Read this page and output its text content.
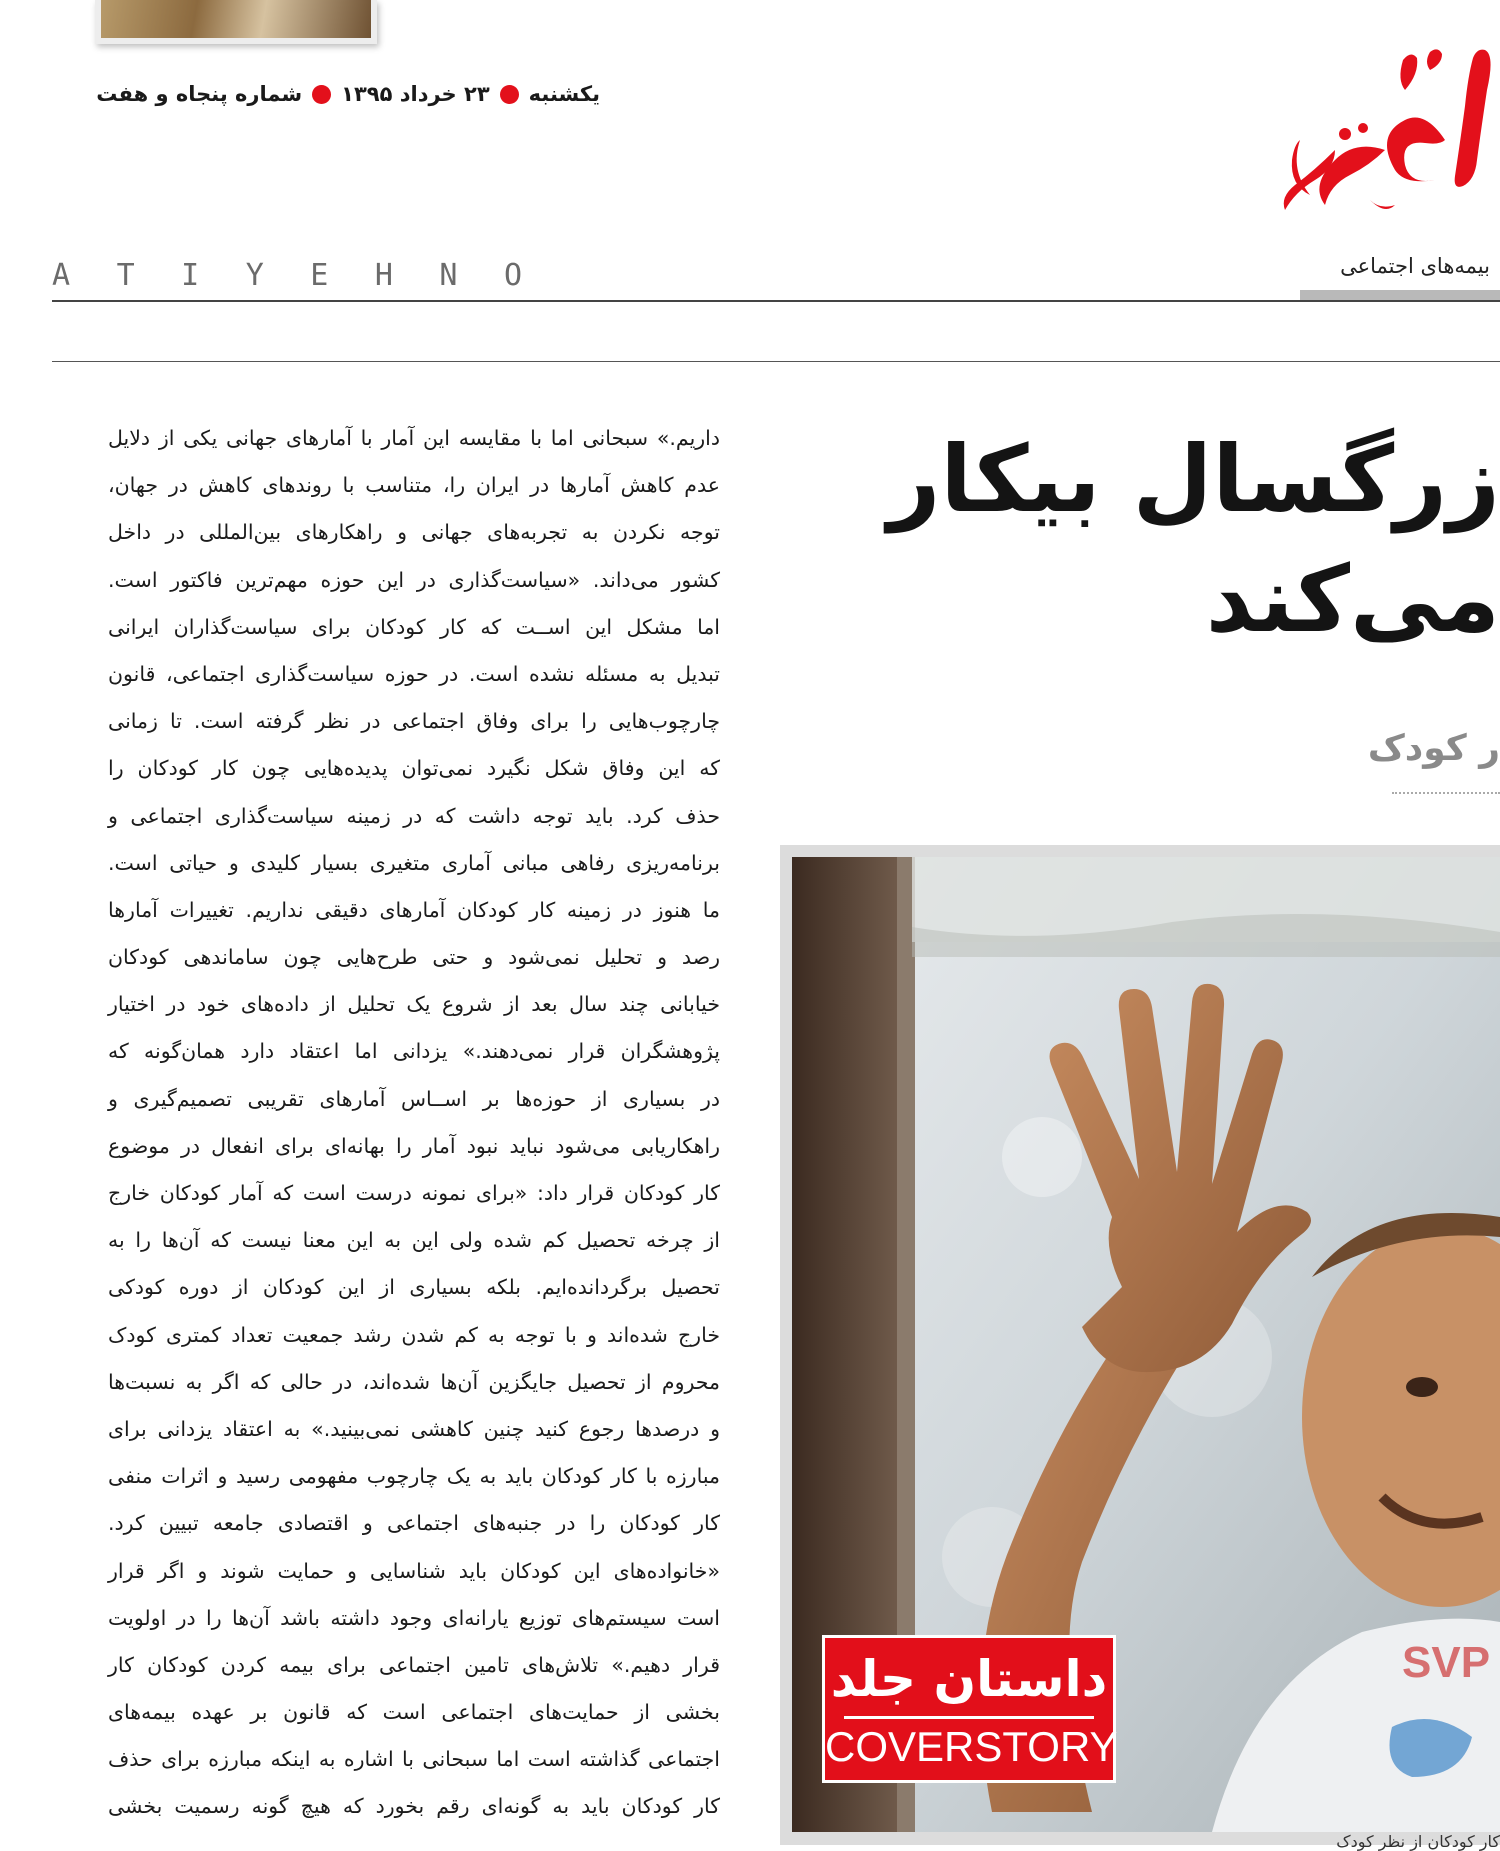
یکشنبه
۲۳ خرداد ۱۳۹۵
شماره پنجاه و هفت
A T I Y E H N O	بیمه‌های اجتماعی
داریم.» سبحانی اما با مقایسه این آمار با آمارهای جهانی یکی از دلایل
عدم کاهش آمارها در ایران را، متناسب با روندهای کاهش در جهان،
توجه نکردن به تجربه‌های جهانی و راهکارهای بین‌المللی در داخل
کشور می‌داند. «سیاست‌گذاری در این حوزه مهم‌ترین فاکتور است.
اما مشکل این اســت که کار کودکان برای سیاست‌گذاران ایرانی
تبدیل به مسئله نشده است. در حوزه سیاست‌گذاری اجتماعی، قانون
چارچوب‌هایی را برای وفاق اجتماعی در نظر گرفته است. تا زمانی
که این وفاق شکل نگیرد نمی‌توان پدیده‌هایی چون کار کودکان را
حذف کرد. باید توجه داشت که در زمینه سیاست‌گذاری اجتماعی و
برنامه‌ریزی رفاهی مبانی آماری متغیری بسیار کلیدی و حیاتی است.
ما هنوز در زمینه کار کودکان آمارهای دقیقی نداریم. تغییرات آمارها
رصد و تحلیل نمی‌شود و حتی طرح‌هایی چون ساماندهی کودکان
خیابانی چند سال بعد از شروع یک تحلیل از داده‌های خود در اختیار
پژوهشگران قرار نمی‌دهند.» یزدانی اما اعتقاد دارد همان‌گونه که
در بسیاری از حوزه‌ها بر اســاس آمارهای تقریبی تصمیم‌گیری و
راهکاریابی می‌شود نباید نبود آمار را بهانه‌ای برای انفعال در موضوع
کار کودکان قرار داد: «برای نمونه درست است که آمار کودکان خارج
از چرخه تحصیل کم شده ولی این به این معنا نیست که آن‌ها را به
تحصیل برگردانده‌ایم. بلکه بسیاری از این کودکان از دوره کودکی
خارج شده‌اند و با توجه به کم شدن رشد جمعیت تعداد کمتری کودک
محروم از تحصیل جایگزین آن‌ها شده‌اند، در حالی که اگر به نسبت‌ها
و درصدها رجوع کنید چنین کاهشی نمی‌بینید.» به اعتقاد یزدانی برای
مبارزه با کار کودکان باید به یک چارچوب مفهومی رسید و اثرات منفی
کار کودکان را در جنبه‌های اجتماعی و اقتصادی جامعه تبیین کرد.
«خانواده‌های این کودکان باید شناسایی و حمایت شوند و اگر قرار
است سیستم‌های توزیع یارانه‌ای وجود داشته باشد آن‌ها را در اولویت
قرار دهیم.» تلاش‌های تامین اجتماعی برای بیمه کردن کودکان کار
بخشی از حمایت‌های اجتماعی است که قانون بر عهده بیمه‌های
اجتماعی گذاشته است اما سبحانی با اشاره به اینکه مبارزه برای حذف
کار کودکان باید به گونه‌ای رقم بخورد که هیچ گونه رسمیت بخشی
زرگسال بیکار
می‌کند
ر کودک
SVP
داستان جلد
COVERSTORY
کار کودکان از نظر کودک
